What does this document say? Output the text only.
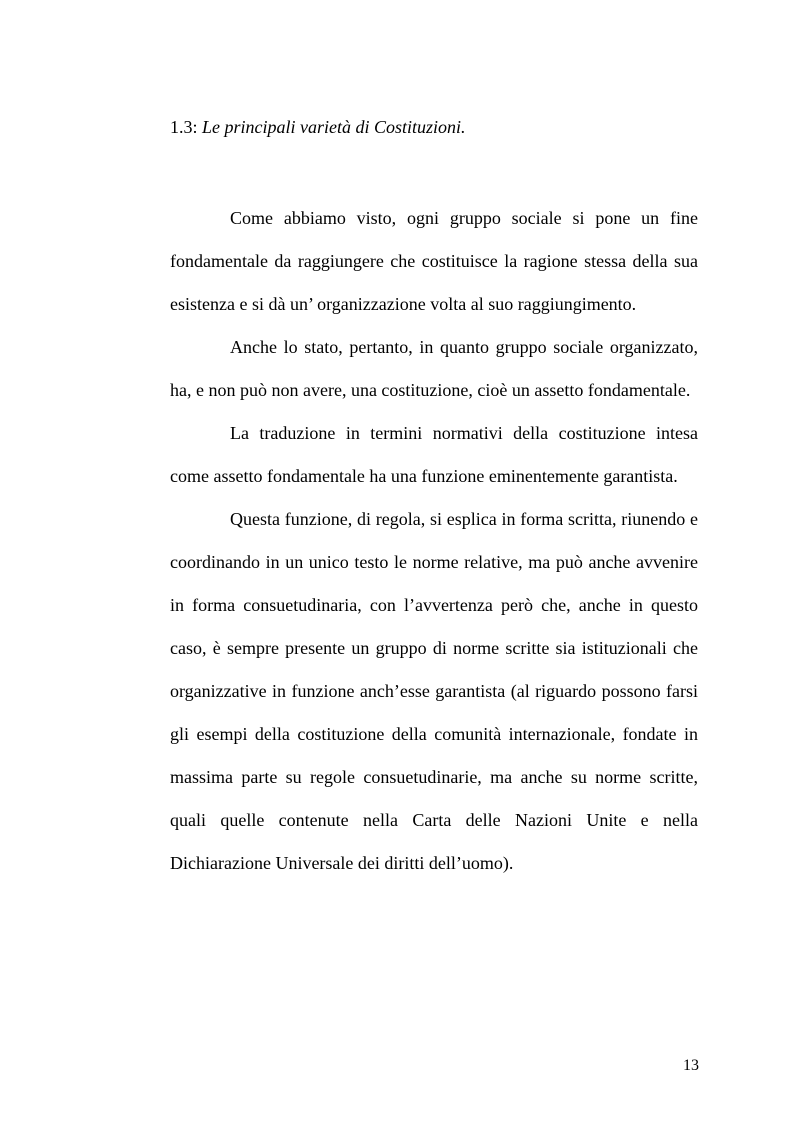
1.3: Le principali varietà di Costituzioni.

Come abbiamo visto, ogni gruppo sociale si pone un fine fondamentale da raggiungere che costituisce la ragione stessa della sua esistenza e si dà un’ organizzazione volta al suo raggiungimento.

Anche lo stato, pertanto, in quanto gruppo sociale organizzato, ha, e non può non avere, una costituzione, cioè un assetto fondamentale.

La traduzione in termini normativi della costituzione intesa come assetto fondamentale ha una funzione eminentemente garantista.

Questa funzione, di regola, si esplica in forma scritta, riunendo e coordinando in un unico testo le norme relative, ma può anche avvenire in forma consuetudinaria, con l’avvertenza però che, anche in questo caso, è sempre presente un gruppo di norme scritte sia istituzionali che organizzative in funzione anch’esse garantista (al riguardo possono farsi gli esempi della costituzione della comunità internazionale, fondate in massima parte su regole consuetudinarie, ma anche su norme scritte, quali quelle contenute nella Carta delle Nazioni Unite e nella Dichiarazione Universale dei diritti dell’uomo).

13
